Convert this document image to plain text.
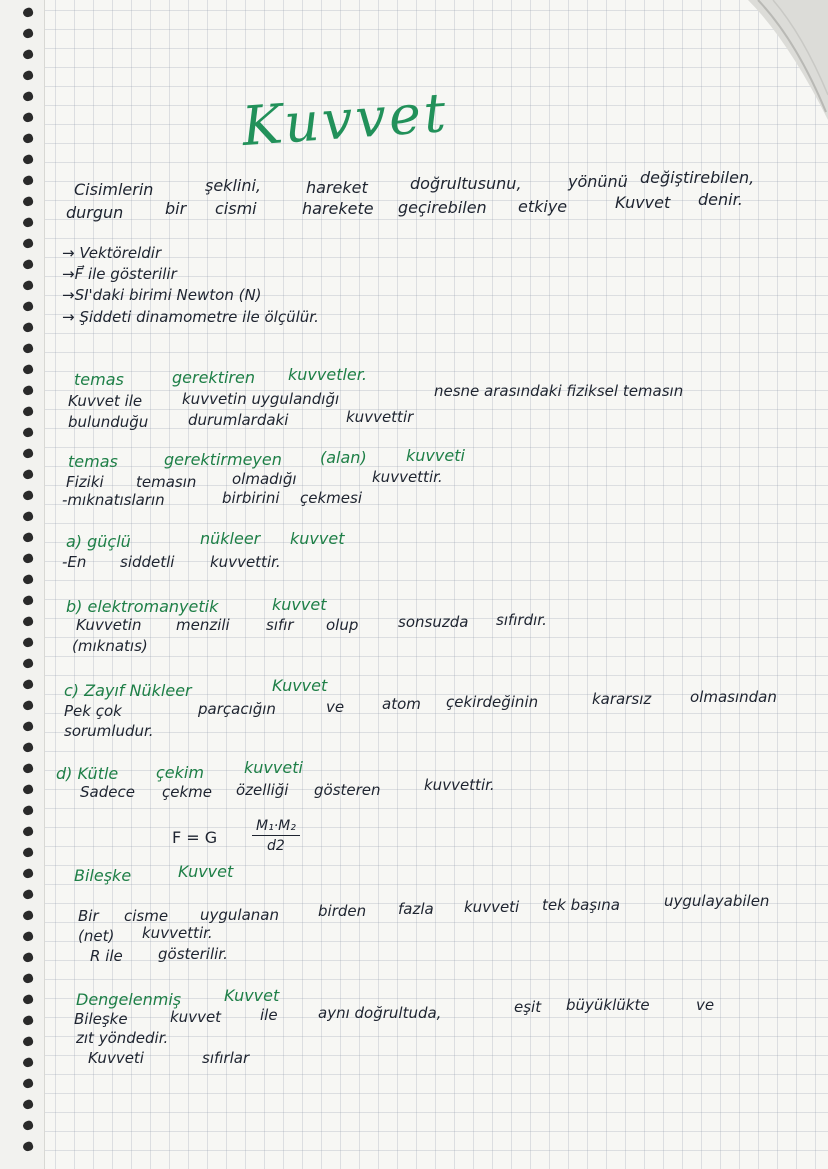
Kuvvet
Cisimlerin	şeklini,	hareket	doğrultusunu,	yönünü değiştirebilen,
durgun	bir cismi	harekete geçirebilen etkiye	Kuvvet denir.
→ Vektöreldir
→F⃗ ile gösterilir
→SI'daki birimi Newton (N)
→ Şiddeti dinamometre ile ölçülür.
temas	gerektiren kuvvetler.
Kuvvet ile	kuvvetin uygulandığı	nesne arasındaki fiziksel temasın
bulunduğu	durumlardaki	kuvvettir
temas	gerektirmeyen (alan) kuvveti
Fiziki temasın olmadığı	kuvvettir.
-mıknatısların	birbirini çekmesi
a) güçlü	nükleer kuvvet
-En siddetli kuvvettir.
b) elektromanyetik	kuvvet
Kuvvetin menzili sıfır olup	sonsuzda sıfırdır.
(mıknatıs)
c) Zayıf Nükleer	Kuvvet
Pek çok	parçacığın	ve	atom çekirdeğinin	kararsız	olmasından
sorumludur.
d) Kütle çekim	kuvveti
Sadece çekme özelliği gösteren	kuvvettir.
F = G $\frac{\text{M₁·M₂}}{d2}$
Bileşke	Kuvvet
Bir cisme uygulanan	birden fazla kuvveti tek başına	uygulayabilen
(net) kuvvettir.
R ile gösterilir.
Dengelenmiş	Kuvvet
Bileşke	kuvvet	ile	aynı doğrultuda,	eşit büyüklükte	ve
zıt yöndedir.
Kuvveti	sıfırlar
